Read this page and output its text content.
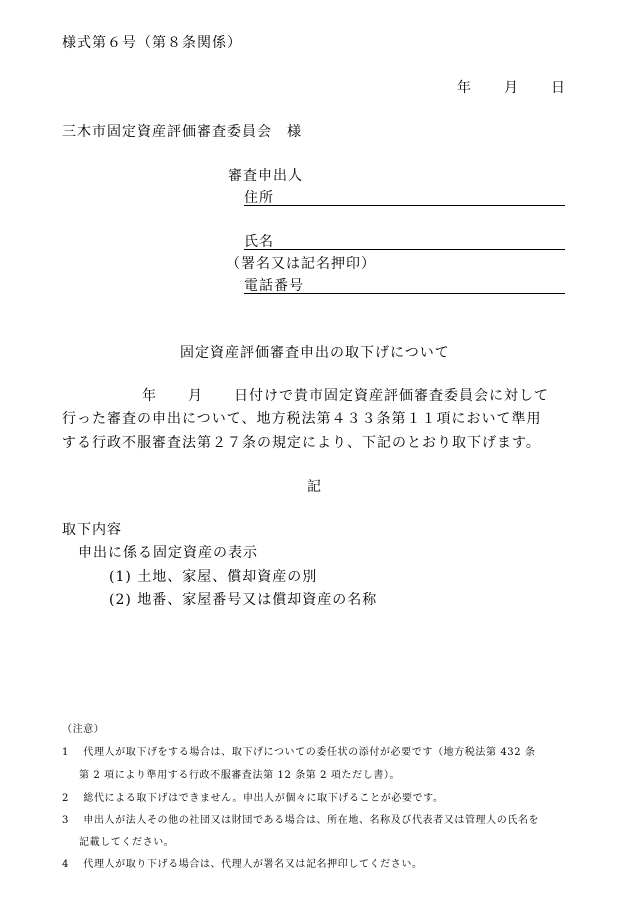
様式第６号（第８条関係）
年 月 日
三木市固定資産評価審査委員会　様
審査申出人
住所
氏名
（署名又は記名押印）
電話番号
固定資産評価審査申出の取下げについて
年 月 日付けで貴市固定資産評価審査委員会に対して
行った審査の申出について、地方税法第４３３条第１１項において準用
する行政不服審査法第２７条の規定により、下記のとおり取下げます。
記
取下内容
申出に係る固定資産の表示
(1) 土地、家屋、償却資産の別
(2) 地番、家屋番号又は償却資産の名称
（注意）
1　 代理人が取下げをする場合は、取下げについての委任状の添付が必要です（地方税法第 432 条
第 2 項により準用する行政不服審査法第 12 条第 2 項ただし書）。
2　 総代による取下げはできません。申出人が個々に取下げることが必要です。
3　 申出人が法人その他の社団又は財団である場合は、所在地、名称及び代表者又は管理人の氏名を
記載してください。
4　 代理人が取り下げる場合は、代理人が署名又は記名押印してください。
